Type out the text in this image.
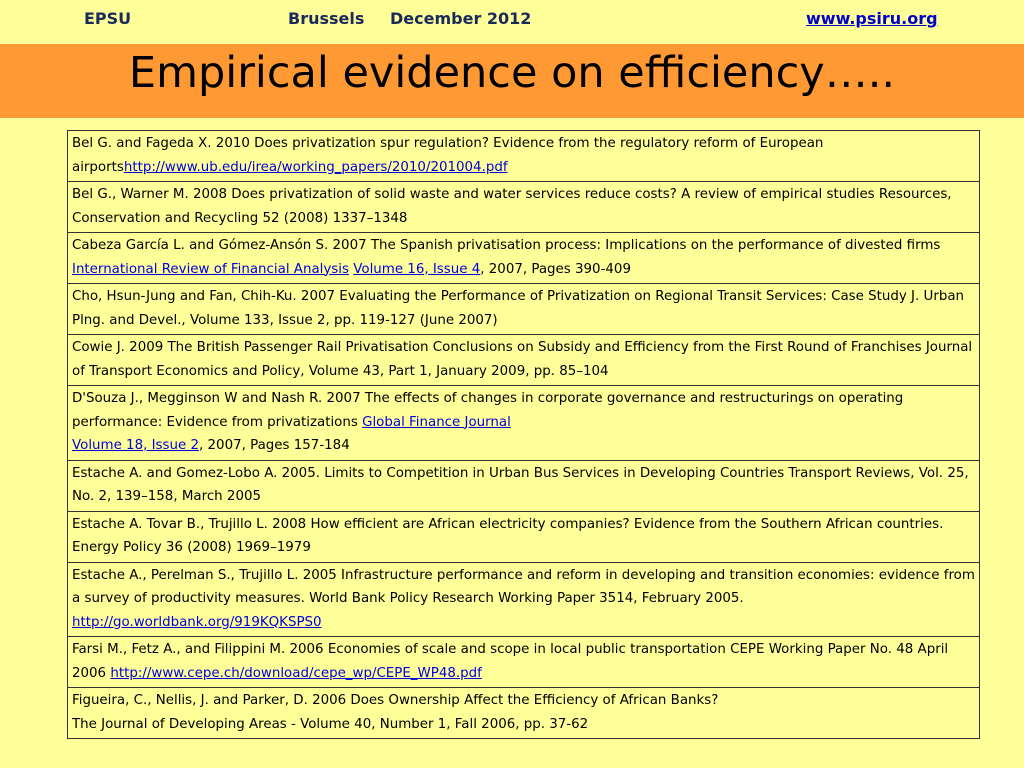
EPSU	Brussels December 2012	www.psiru.org
Empirical evidence on efficiency…..
Bel G. and Fageda X. 2010 Does privatization spur regulation? Evidence from the regulatory reform of European airportshttp://www.ub.edu/irea/working_papers/2010/201004.pdf
Bel G., Warner M. 2008 Does privatization of solid waste and water services reduce costs? A review of empirical studies Resources, Conservation and Recycling 52 (2008) 1337–1348
Cabeza García L. and Gómez-Ansón S. 2007 The Spanish privatisation process: Implications on the performance of divested firms
International Review of Financial Analysis Volume 16, Issue 4, 2007, Pages 390-409
Cho, Hsun-Jung and Fan, Chih-Ku. 2007 Evaluating the Performance of Privatization on Regional Transit Services: Case Study J. Urban Plng. and Devel., Volume 133, Issue 2, pp. 119-127 (June 2007)
Cowie J. 2009 The British Passenger Rail Privatisation Conclusions on Subsidy and Efficiency from the First Round of Franchises Journal of Transport Economics and Policy, Volume 43, Part 1, January 2009, pp. 85–104
D'Souza J., Megginson W and Nash R. 2007 The effects of changes in corporate governance and restructurings on operating performance: Evidence from privatizations Global Finance Journal
Volume 18, Issue 2, 2007, Pages 157-184
Estache A. and Gomez-Lobo A. 2005. Limits to Competition in Urban Bus Services in Developing Countries Transport Reviews, Vol. 25, No. 2, 139–158, March 2005
Estache A. Tovar B., Trujillo L. 2008 How efficient are African electricity companies? Evidence from the Southern African countries. Energy Policy 36 (2008) 1969–1979
Estache A., Perelman S., Trujillo L. 2005 Infrastructure performance and reform in developing and transition economies: evidence from a survey of productivity measures. World Bank Policy Research Working Paper 3514, February 2005.
http://go.worldbank.org/919KQKSPS0
Farsi M., Fetz A., and Filippini M. 2006 Economies of scale and scope in local public transportation CEPE Working Paper No. 48 April 2006 http://www.cepe.ch/download/cepe_wp/CEPE_WP48.pdf
Figueira, C., Nellis, J. and Parker, D. 2006 Does Ownership Affect the Efficiency of African Banks?
The Journal of Developing Areas - Volume 40, Number 1, Fall 2006, pp. 37-62
